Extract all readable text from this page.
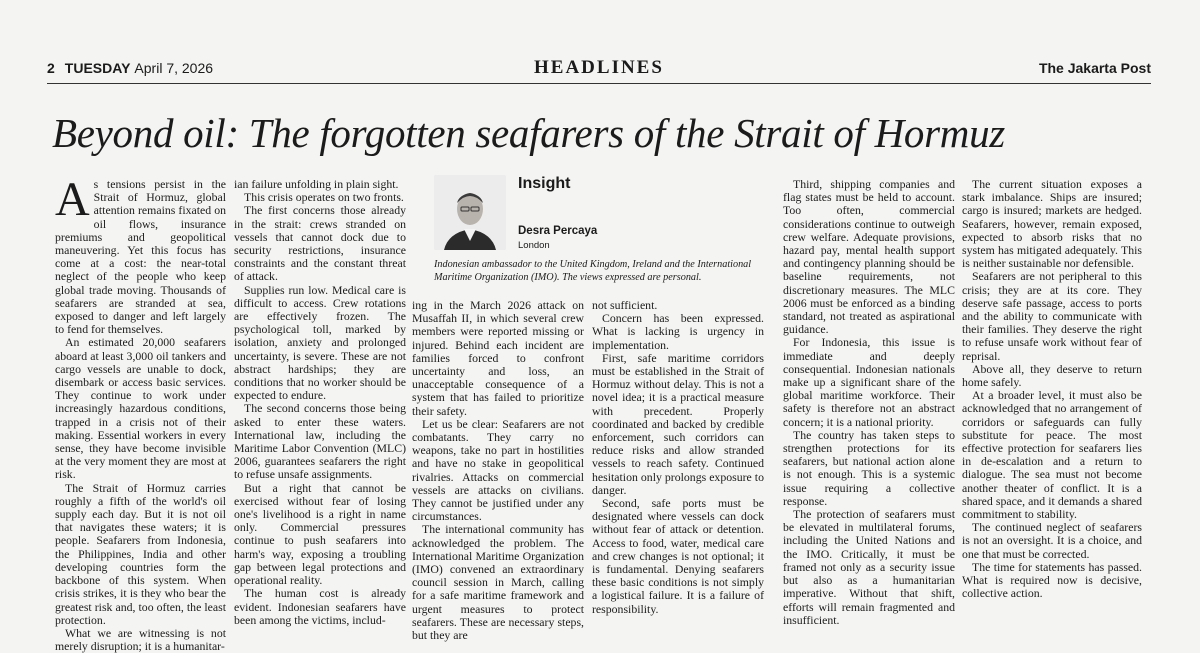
2 TUESDAY April 7, 2026	HEADLINES	The Jakarta Post
Beyond oil: The forgotten seafarers of the Strait of Hormuz

As tensions persist in the Strait of Hormuz, global attention remains fixated on oil flows, insurance premiums and geopolitical maneuvering. Yet this focus has come at a cost: the near-total neglect of the people who keep global trade moving. Thousands of seafarers are stranded at sea, exposed to danger and left largely to fend for themselves.

An estimated 20,000 seafarers aboard at least 3,000 oil tankers and cargo vessels are unable to dock, disembark or access basic services. They continue to work under increasingly hazardous conditions, trapped in a crisis not of their making. Essential workers in every sense, they have become invisible at the very moment they are most at risk.

The Strait of Hormuz carries roughly a fifth of the world's oil supply each day. But it is not oil that navigates these waters; it is people. Seafarers from Indonesia, the Philippines, India and other developing countries form the backbone of this system. When crisis strikes, it is they who bear the greatest risk and, too often, the least protection.

What we are witnessing is not merely disruption; it is a humanitar-

ian failure unfolding in plain sight.

This crisis operates on two fronts.

The first concerns those already in the strait: crews stranded on vessels that cannot dock due to security restrictions, insurance constraints and the constant threat of attack.

Supplies run low. Medical care is difficult to access. Crew rotations are effectively frozen. The psychological toll, marked by isolation, anxiety and prolonged uncertainty, is severe. These are not abstract hardships; they are conditions that no worker should be expected to endure.

The second concerns those being asked to enter these waters. International law, including the Maritime Labor Convention (MLC) 2006, guarantees seafarers the right to refuse unsafe assignments.

But a right that cannot be exercised without fear of losing one's livelihood is a right in name only. Commercial pressures continue to push seafarers into harm's way, exposing a troubling gap between legal protections and operational reality.

The human cost is already evident. Indonesian seafarers have been among the victims, includ-

Insight
Desra Percaya
London
Indonesian ambassador to the United Kingdom, Ireland and the International Maritime Organization (IMO). The views expressed are personal.

ing in the March 2026 attack on Musaffah II, in which several crew members were reported missing or injured. Behind each incident are families forced to confront uncertainty and loss, an unacceptable consequence of a system that has failed to prioritize their safety.

Let us be clear: Seafarers are not combatants. They carry no weapons, take no part in hostilities and have no stake in geopolitical rivalries. Attacks on commercial vessels are attacks on civilians. They cannot be justified under any circumstances.

The international community has acknowledged the problem. The International Maritime Organization (IMO) convened an extraordinary council session in March, calling for a safe maritime framework and urgent measures to protect seafarers. These are necessary steps, but they are

not sufficient.

Concern has been expressed. What is lacking is urgency in implementation.

First, safe maritime corridors must be established in the Strait of Hormuz without delay. This is not a novel idea; it is a practical measure with precedent. Properly coordinated and backed by credible enforcement, such corridors can reduce risks and allow stranded vessels to reach safety. Continued hesitation only prolongs exposure to danger.

Second, safe ports must be designated where vessels can dock without fear of attack or detention. Access to food, water, medical care and crew changes is not optional; it is fundamental. Denying seafarers these basic conditions is not simply a logistical failure. It is a failure of responsibility.

Third, shipping companies and flag states must be held to account. Too often, commercial considerations continue to outweigh crew welfare. Adequate provisions, hazard pay, mental health support and contingency planning should be baseline requirements, not discretionary measures. The MLC 2006 must be enforced as a binding standard, not treated as aspirational guidance.

For Indonesia, this issue is immediate and deeply consequential. Indonesian nationals make up a significant share of the global maritime workforce. Their safety is therefore not an abstract concern; it is a national priority.

The country has taken steps to strengthen protections for its seafarers, but national action alone is not enough. This is a systemic issue requiring a collective response.

The protection of seafarers must be elevated in multilateral forums, including the United Nations and the IMO. Critically, it must be framed not only as a security issue but also as a humanitarian imperative. Without that shift, efforts will remain fragmented and insufficient.

The current situation exposes a stark imbalance. Ships are insured; cargo is insured; markets are hedged. Seafarers, however, remain exposed, expected to absorb risks that no system has mitigated adequately. This is neither sustainable nor defensible.

Seafarers are not peripheral to this crisis; they are at its core. They deserve safe passage, access to ports and the ability to communicate with their families. They deserve the right to refuse unsafe work without fear of reprisal.

Above all, they deserve to return home safely.

At a broader level, it must also be acknowledged that no arrangement of corridors or safeguards can fully substitute for peace. The most effective protection for seafarers lies in de-escalation and a return to dialogue. The sea must not become another theater of conflict. It is a shared space, and it demands a shared commitment to stability.

The continued neglect of seafarers is not an oversight. It is a choice, and one that must be corrected.

The time for statements has passed. What is required now is decisive, collective action.
